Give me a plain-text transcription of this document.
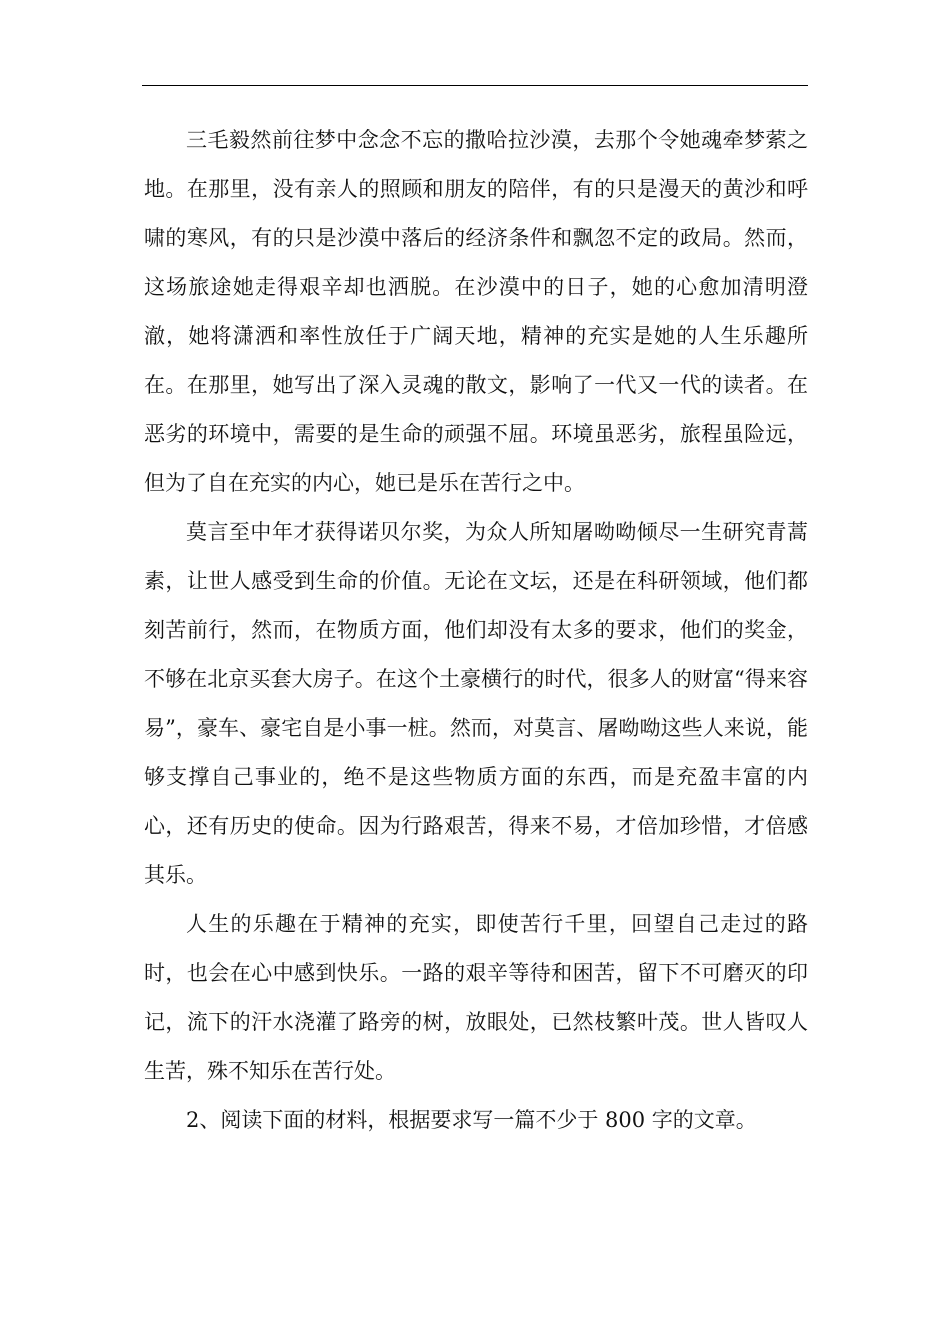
三毛毅然前往梦中念念不忘的撒哈拉沙漠，去那个令她魂牵梦萦之地。在那里，没有亲人的照顾和朋友的陪伴，有的只是漫天的黄沙和呼啸的寒风，有的只是沙漠中落后的经济条件和飘忽不定的政局。然而，这场旅途她走得艰辛却也洒脱。在沙漠中的日子，她的心愈加清明澄澈，她将潇洒和率性放任于广阔天地，精神的充实是她的人生乐趣所在。在那里，她写出了深入灵魂的散文，影响了一代又一代的读者。在恶劣的环境中，需要的是生命的顽强不屈。环境虽恶劣，旅程虽险远，但为了自在充实的内心，她已是乐在苦行之中。

莫言至中年才获得诺贝尔奖，为众人所知屠呦呦倾尽一生研究青蒿素，让世人感受到生命的价值。无论在文坛，还是在科研领域，他们都刻苦前行，然而，在物质方面，他们却没有太多的要求，他们的奖金，不够在北京买套大房子。在这个土豪横行的时代，很多人的财富“得来容易”，豪车、豪宅自是小事一桩。然而，对莫言、屠呦呦这些人来说，能够支撑自己事业的，绝不是这些物质方面的东西，而是充盈丰富的内心，还有历史的使命。因为行路艰苦，得来不易，才倍加珍惜，才倍感其乐。

人生的乐趣在于精神的充实，即使苦行千里，回望自己走过的路时，也会在心中感到快乐。一路的艰辛等待和困苦，留下不可磨灭的印记，流下的汗水浇灌了路旁的树，放眼处，已然枝繁叶茂。世人皆叹人生苦，殊不知乐在苦行处。

2、阅读下面的材料，根据要求写一篇不少于 800 字的文章。
